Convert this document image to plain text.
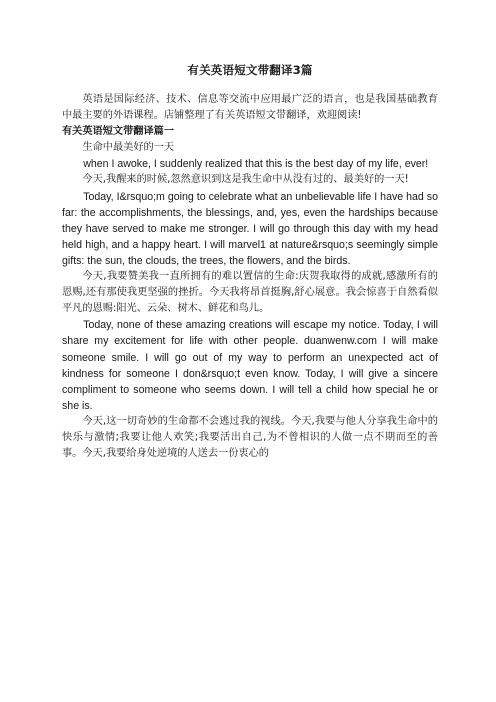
有关英语短文带翻译3篇

英语是国际经济、技术、信息等交流中应用最广泛的语言，也是我国基础教育中最主要的外语课程。店铺整理了有关英语短文带翻译，欢迎阅读!

有关英语短文带翻译篇一

生命中最美好的一天

when I awoke, I suddenly realized that this is the best day of my life, ever!

今天,我醒来的时候,忽然意识到这是我生命中从没有过的、最美好的一天!

Today, I&rsquo;m going to celebrate what an unbelievable life I have had so far: the accomplishments, the blessings, and, yes, even the hardships because they have served to make me stronger. I will go through this day with my head held high, and a happy heart. I will marvel1 at nature&rsquo;s seemingly simple gifts: the sun, the clouds, the trees, the flowers, and the birds.

今天,我要赞美我一直所拥有的难以置信的生命:庆贺我取得的成就,感激所有的恩赐,还有那使我更坚强的挫折。今天我将昂首挺胸,舒心展意。我会惊喜于自然看似平凡的恩赐:阳光、云朵、树木、鲜花和鸟儿。

Today, none of these amazing creations will escape my notice. Today, I will share my excitement for life with other people. duanwenw.com I will make someone smile. I will go out of my way to perform an unexpected act of kindness for someone I don&rsquo;t even know. Today, I will give a sincere compliment to someone who seems down. I will tell a child how special he or she is.

今天,这一切奇妙的生命都不会逃过我的视线。今天,我要与他人分享我生命中的快乐与激情;我要让他人欢笑;我要活出自己,为不曾相识的人做一点不期而至的善事。今天,我要给身处逆境的人送去一份衷心的
